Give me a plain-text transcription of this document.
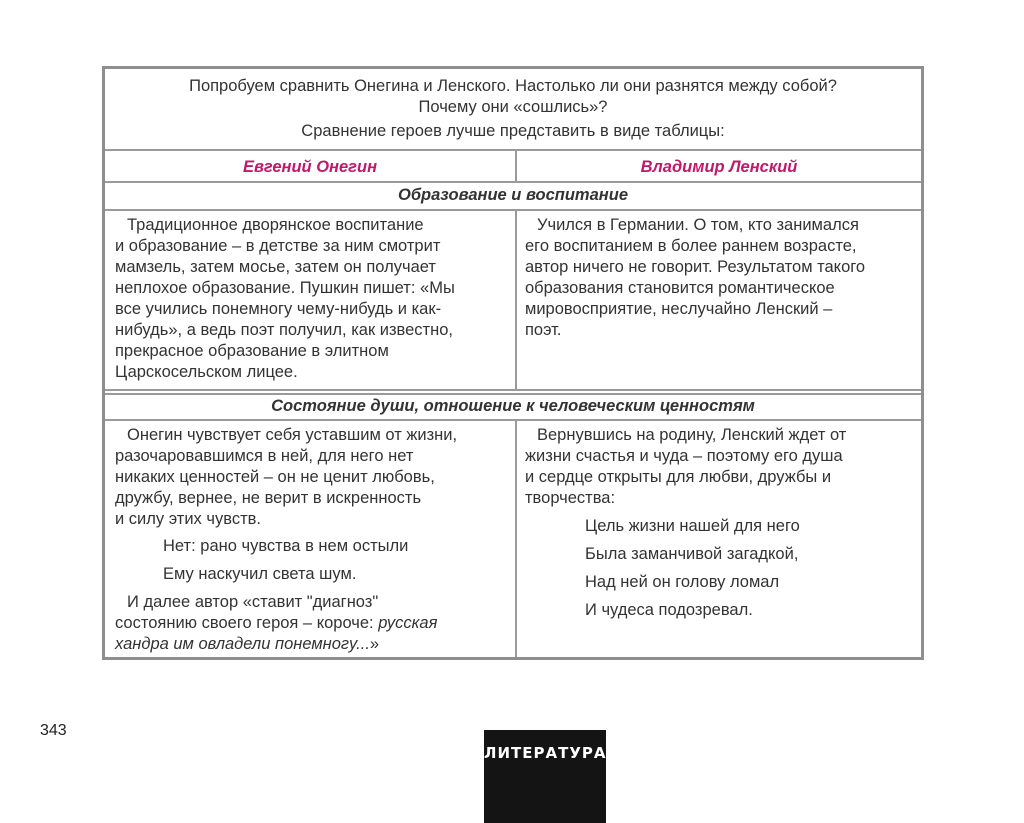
Попробуем сравнить Онегина и Ленского. Настолько ли они разнятся между собой?
Почему они «сошлись»?
Сравнение героев лучше представить в виде таблицы:
Евгений Онегин	Владимир Ленский
Образование и воспитание

Традиционное дворянское воспитание

и образование – в детстве за ним смотрит

мамзель, затем мосье, затем он получает

неплохое образование. Пушкин пишет: «Мы

все учились понемногу чему-нибудь и как-

нибудь», а ведь поэт получил, как известно,

прекрасное образование в элитном

Царскосельском лицее.

Учился в Германии. О том, кто занимался

его воспитанием в более раннем возрасте,

автор ничего не говорит. Результатом такого

образования становится романтическое

мировосприятие, неслучайно Ленский –

поэт.

Состояние души, отношение к человеческим ценностям

Онегин чувствует себя уставшим от жизни,

разочаровавшимся в ней, для него нет

никаких ценностей – он не ценит любовь,

дружбу, вернее, не верит в искренность

и силу этих чувств.

Нет: рано чувства в нем остыли

Ему наскучил света шум.

И далее автор «ставит "диагноз"

состоянию своего героя – короче: русская

хандра им овладели понемногу...»

Вернувшись на родину, Ленский ждет от

жизни счастья и чуда – поэтому его душа

и сердце открыты для любви, дружбы и

творчества:

Цель жизни нашей для него

Была заманчивой загадкой,

Над ней он голову ломал

И чудеса подозревал.

343
ЛИТЕРАТУРА
